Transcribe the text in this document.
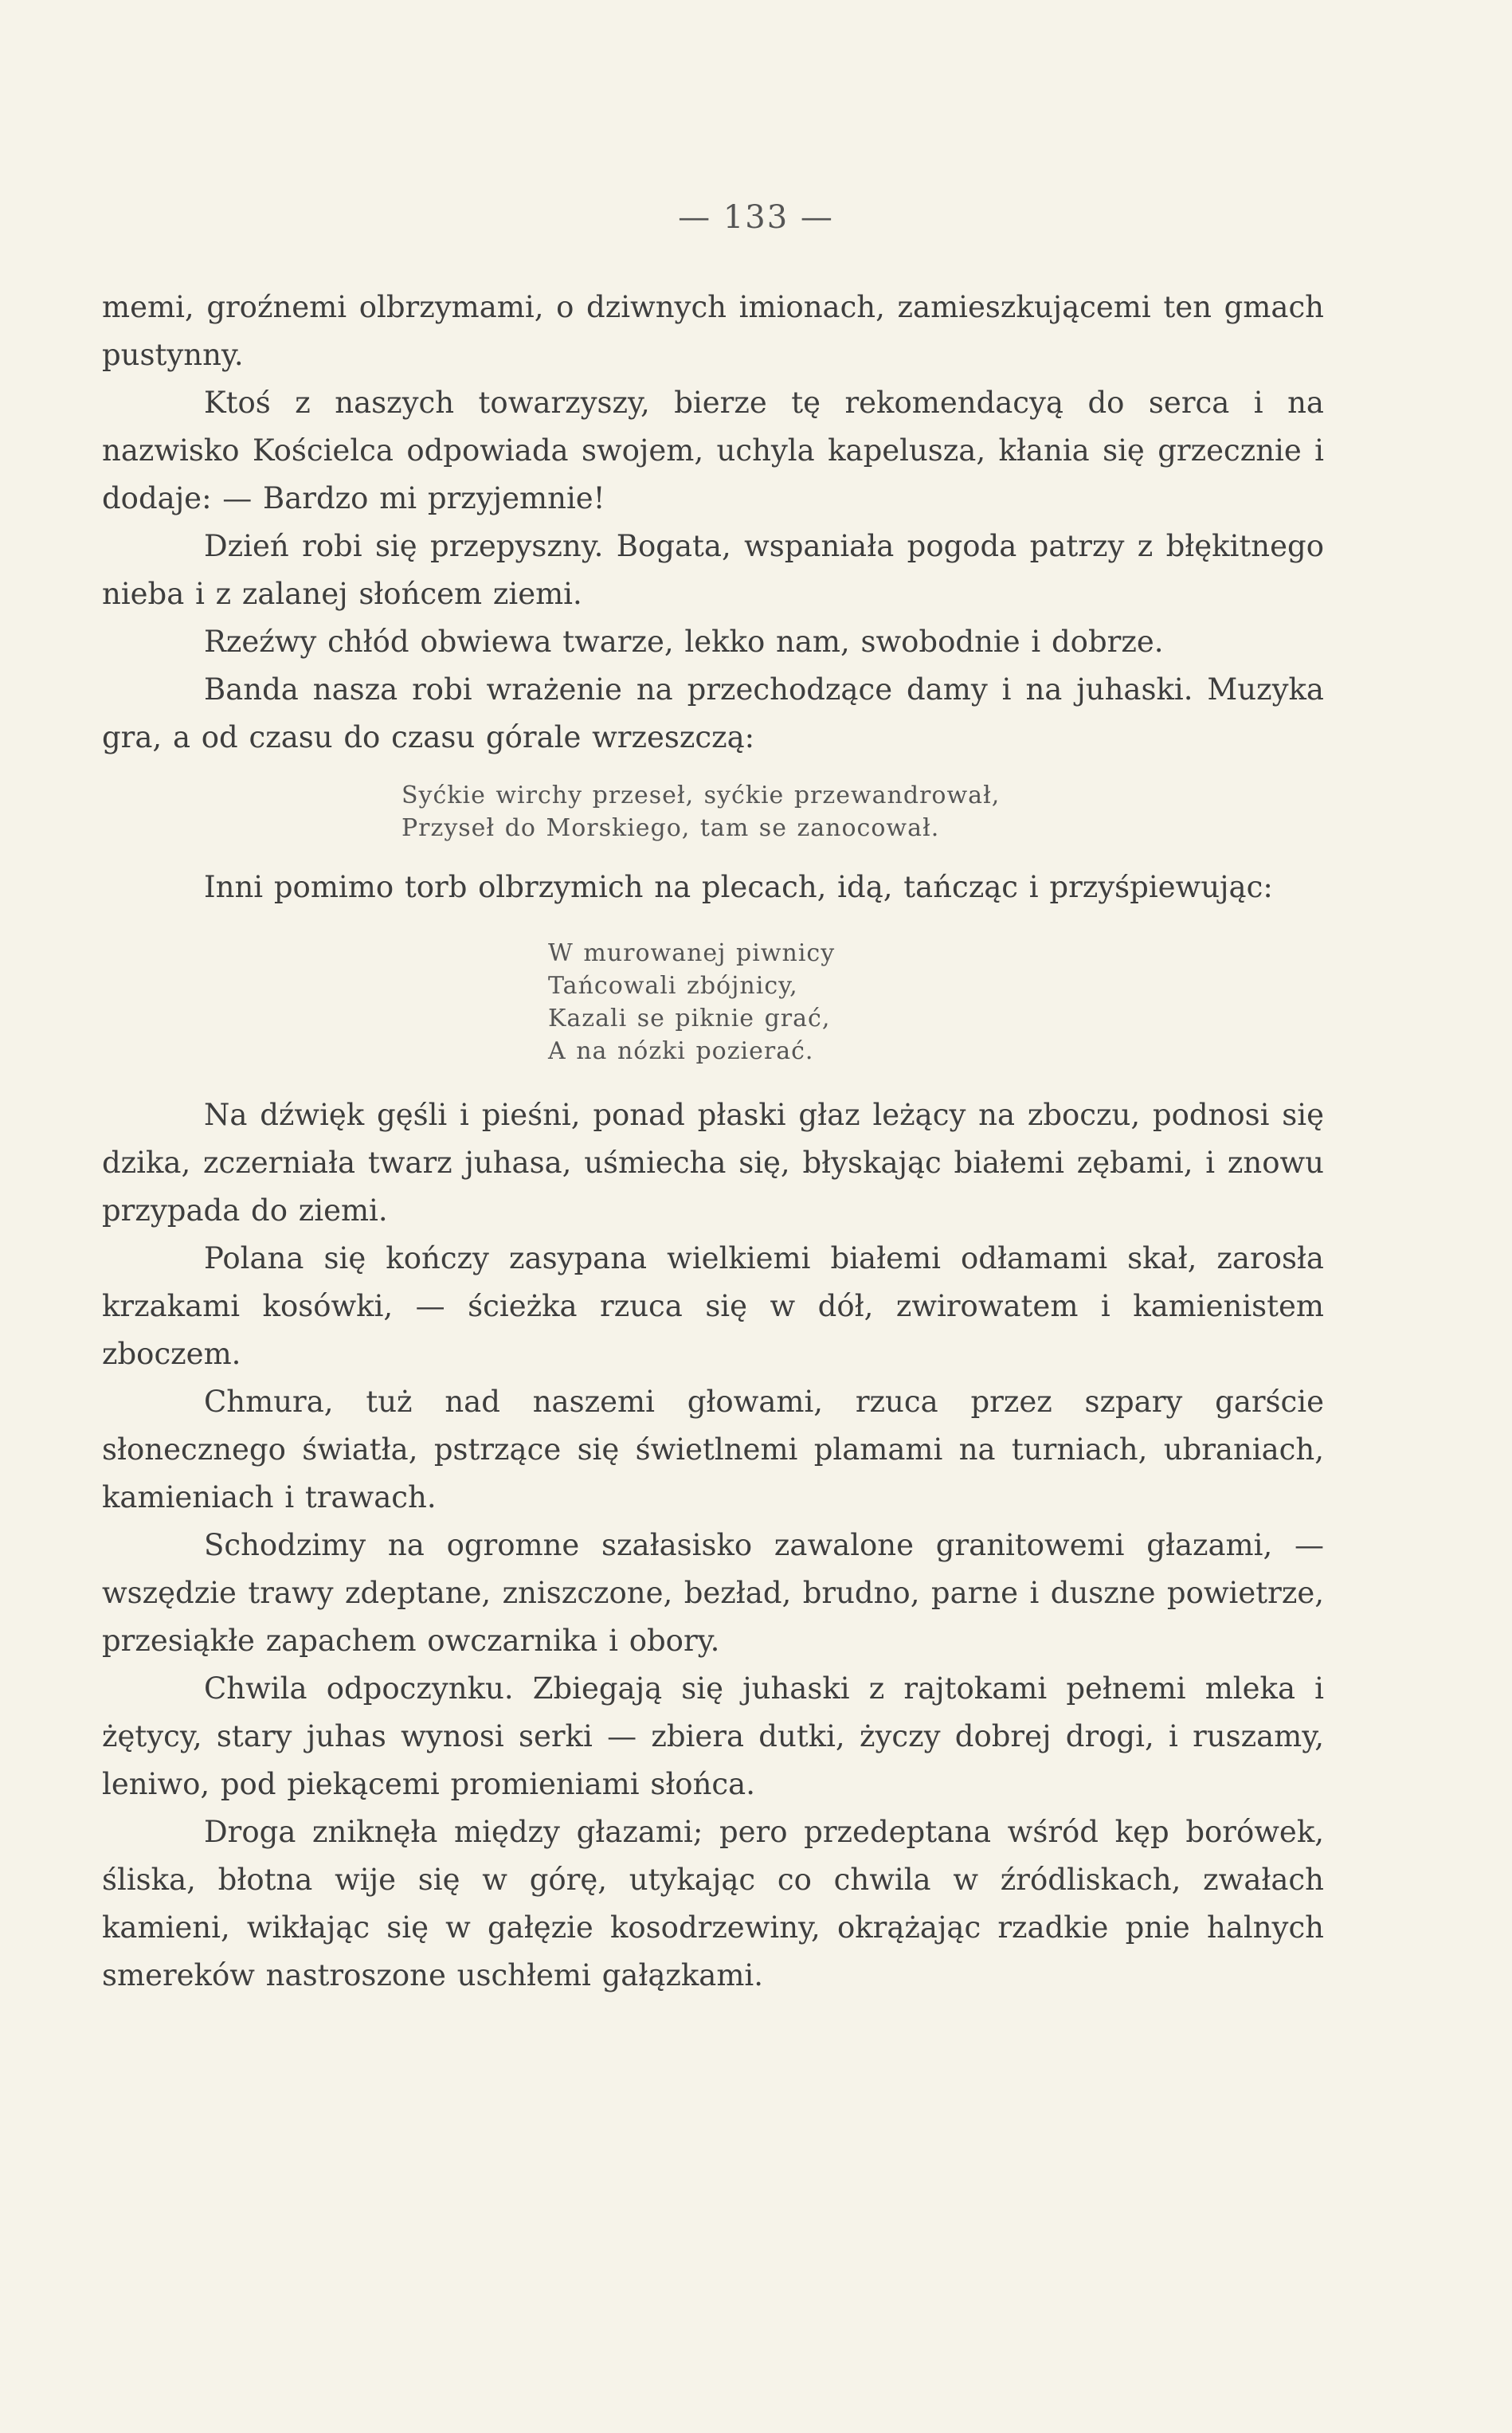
— 133 —

memi, groźnemi olbrzymami, o dziwnych imionach, zamieszkującemi ten gmach pustynny.

Ktoś z naszych towarzyszy, bierze tę rekomendacyą do serca i na nazwisko Kościelca odpowiada swojem, uchyla kapelusza, kłania się grzecznie i dodaje: — Bardzo mi przyjemnie!

Dzień robi się przepyszny. Bogata, wspaniała pogoda patrzy z błękitnego nieba i z zalanej słońcem ziemi.

Rzeźwy chłód obwiewa twarze, lekko nam, swobodnie i dobrze.

Banda nasza robi wrażenie na przechodzące damy i na juhaski. Muzyka gra, a od czasu do czasu górale wrzeszczą:

Syćkie wirchy przeseł, syćkie przewandrował,
Przyseł do Morskiego, tam se zanocował.

Inni pomimo torb olbrzymich na plecach, idą, tańcząc i przyśpiewując:

W murowanej piwnicy
Tańcowali zbójnicy,
Kazali se piknie grać,
A na nózki pozierać.

Na dźwięk gęśli i pieśni, ponad płaski głaz leżący na zboczu, podnosi się dzika, zczerniała twarz juhasa, uśmiecha się, błyskając białemi zębami, i znowu przypada do ziemi.

Polana się kończy zasypana wielkiemi białemi odłamami skał, zarosła krzakami kosówki, — ścieżka rzuca się w dół, zwirowatem i kamienistem zboczem.

Chmura, tuż nad naszemi głowami, rzuca przez szpary garście słonecznego światła, pstrzące się świetlnemi plamami na turniach, ubraniach, kamieniach i trawach.

Schodzimy na ogromne szałasisko zawalone granitowemi głazami, — wszędzie trawy zdeptane, zniszczone, bezład, brudno, parne i duszne powietrze, przesiąkłe zapachem owczarnika i obory.

Chwila odpoczynku. Zbiegają się juhaski z rajtokami pełnemi mleka i żętycy, stary juhas wynosi serki — zbiera dutki, życzy dobrej drogi, i ruszamy, leniwo, pod piekącemi promieniami słońca.

Droga zniknęła między głazami; pero przedeptana wśród kęp borówek, śliska, błotna wije się w górę, utykając co chwila w źródliskach, zwałach kamieni, wikłając się w gałęzie kosodrzewiny, okrążając rzadkie pnie halnych smereków nastroszone uschłemi gałązkami.
